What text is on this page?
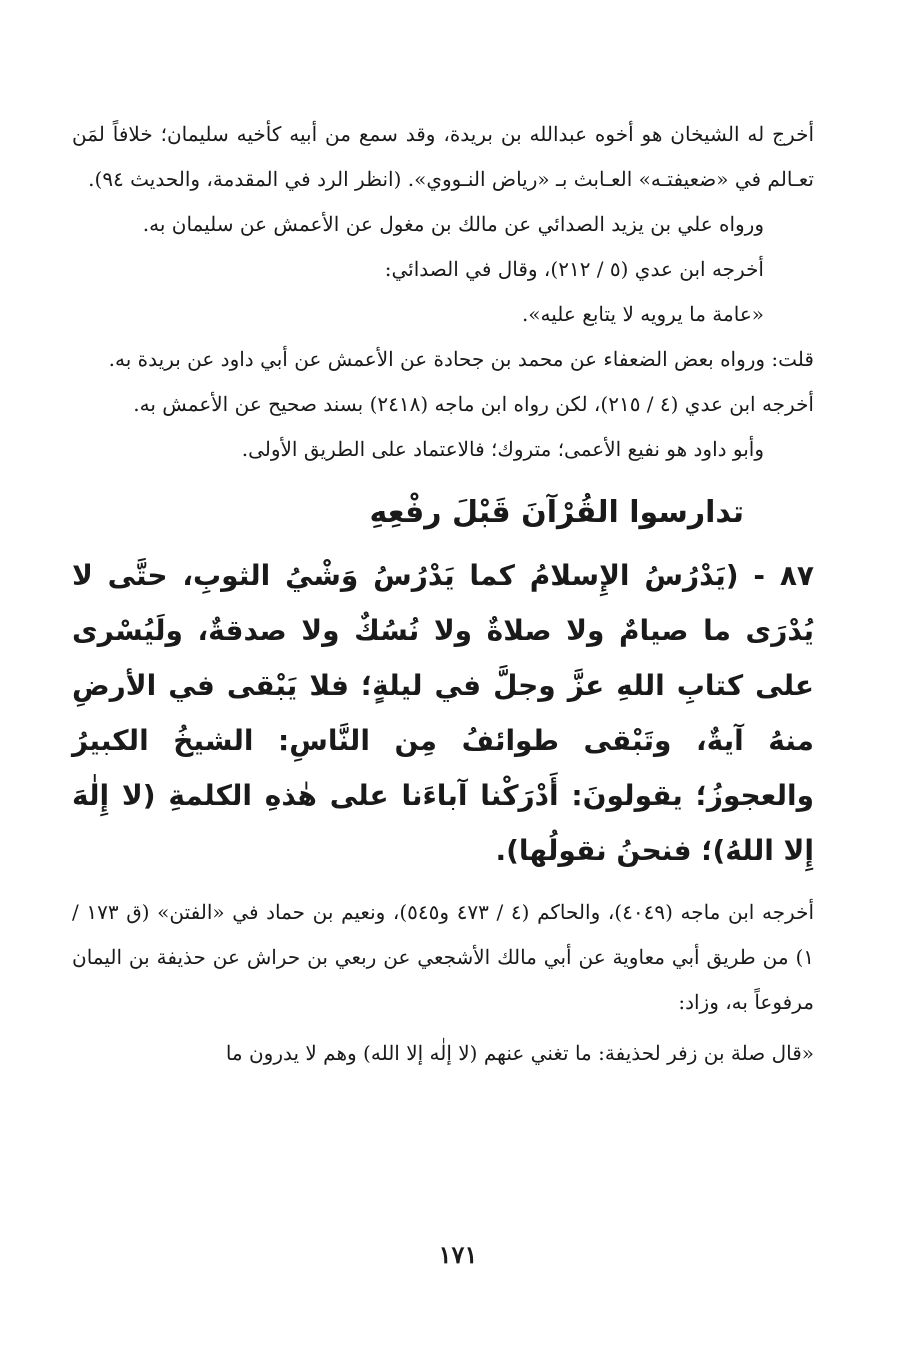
أخرج له الشيخان هو أخوه عبدالله بن بريدة، وقد سمع من أبيه كأخيه سليمان؛ خلافاً لمَن تعـالم في «ضعيفتـه» العـابث بـ «رياض النـووي». (انظر الرد في المقدمة، والحديث ٩٤).

ورواه علي بن يزيد الصدائي عن مالك بن مغول عن الأعمش عن سليمان به.

أخرجه ابن عدي (٥ / ٢١٢)، وقال في الصدائي:

«عامة ما يرويه لا يتابع عليه».

قلت: ورواه بعض الضعفاء عن محمد بن جحادة عن الأعمش عن أبي داود عن بريدة به.

أخرجه ابن عدي (٤ / ٢١٥)، لكن رواه ابن ماجه (٢٤١٨) بسند صحيح عن الأعمش به.

وأبو داود هو نفيع الأعمى؛ متروك؛ فالاعتماد على الطريق الأولى.

تدارسوا القُرْآنَ قَبْلَ رفْعِهِ

٨٧ - (يَدْرُسُ الإِسلامُ كما يَدْرُسُ وَشْيُ الثوبِ، حتَّى لا يُدْرَى ما صيامٌ ولا صلاةٌ ولا نُسُكٌ ولا صدقةٌ، ولَيُسْرى على كتابِ اللهِ عزَّ وجلَّ في ليلةٍ؛ فلا يَبْقى في الأرضِ منهُ آيةٌ، وتَبْقى طوائفُ مِن النَّاسِ: الشيخُ الكبيرُ والعجوزُ؛ يقولونَ: أَدْرَكْنا آباءَنا على هٰذهِ الكلمةِ (لا إِلٰهَ إِلا اللهُ)؛ فنحنُ نقولُها).

أخرجه ابن ماجه (٤٠٤٩)، والحاكم (٤ / ٤٧٣ و٥٤٥)، ونعيم بن حماد في «الفتن» (ق ١٧٣ / ١) من طريق أبي معاوية عن أبي مالك الأشجعي عن ربعي بن حراش عن حذيفة بن اليمان مرفوعاً به، وزاد:

«قال صلة بن زفر لحذيفة: ما تغني عنهم (لا إلٰه إلا الله) وهم لا يدرون ما

١٧١
